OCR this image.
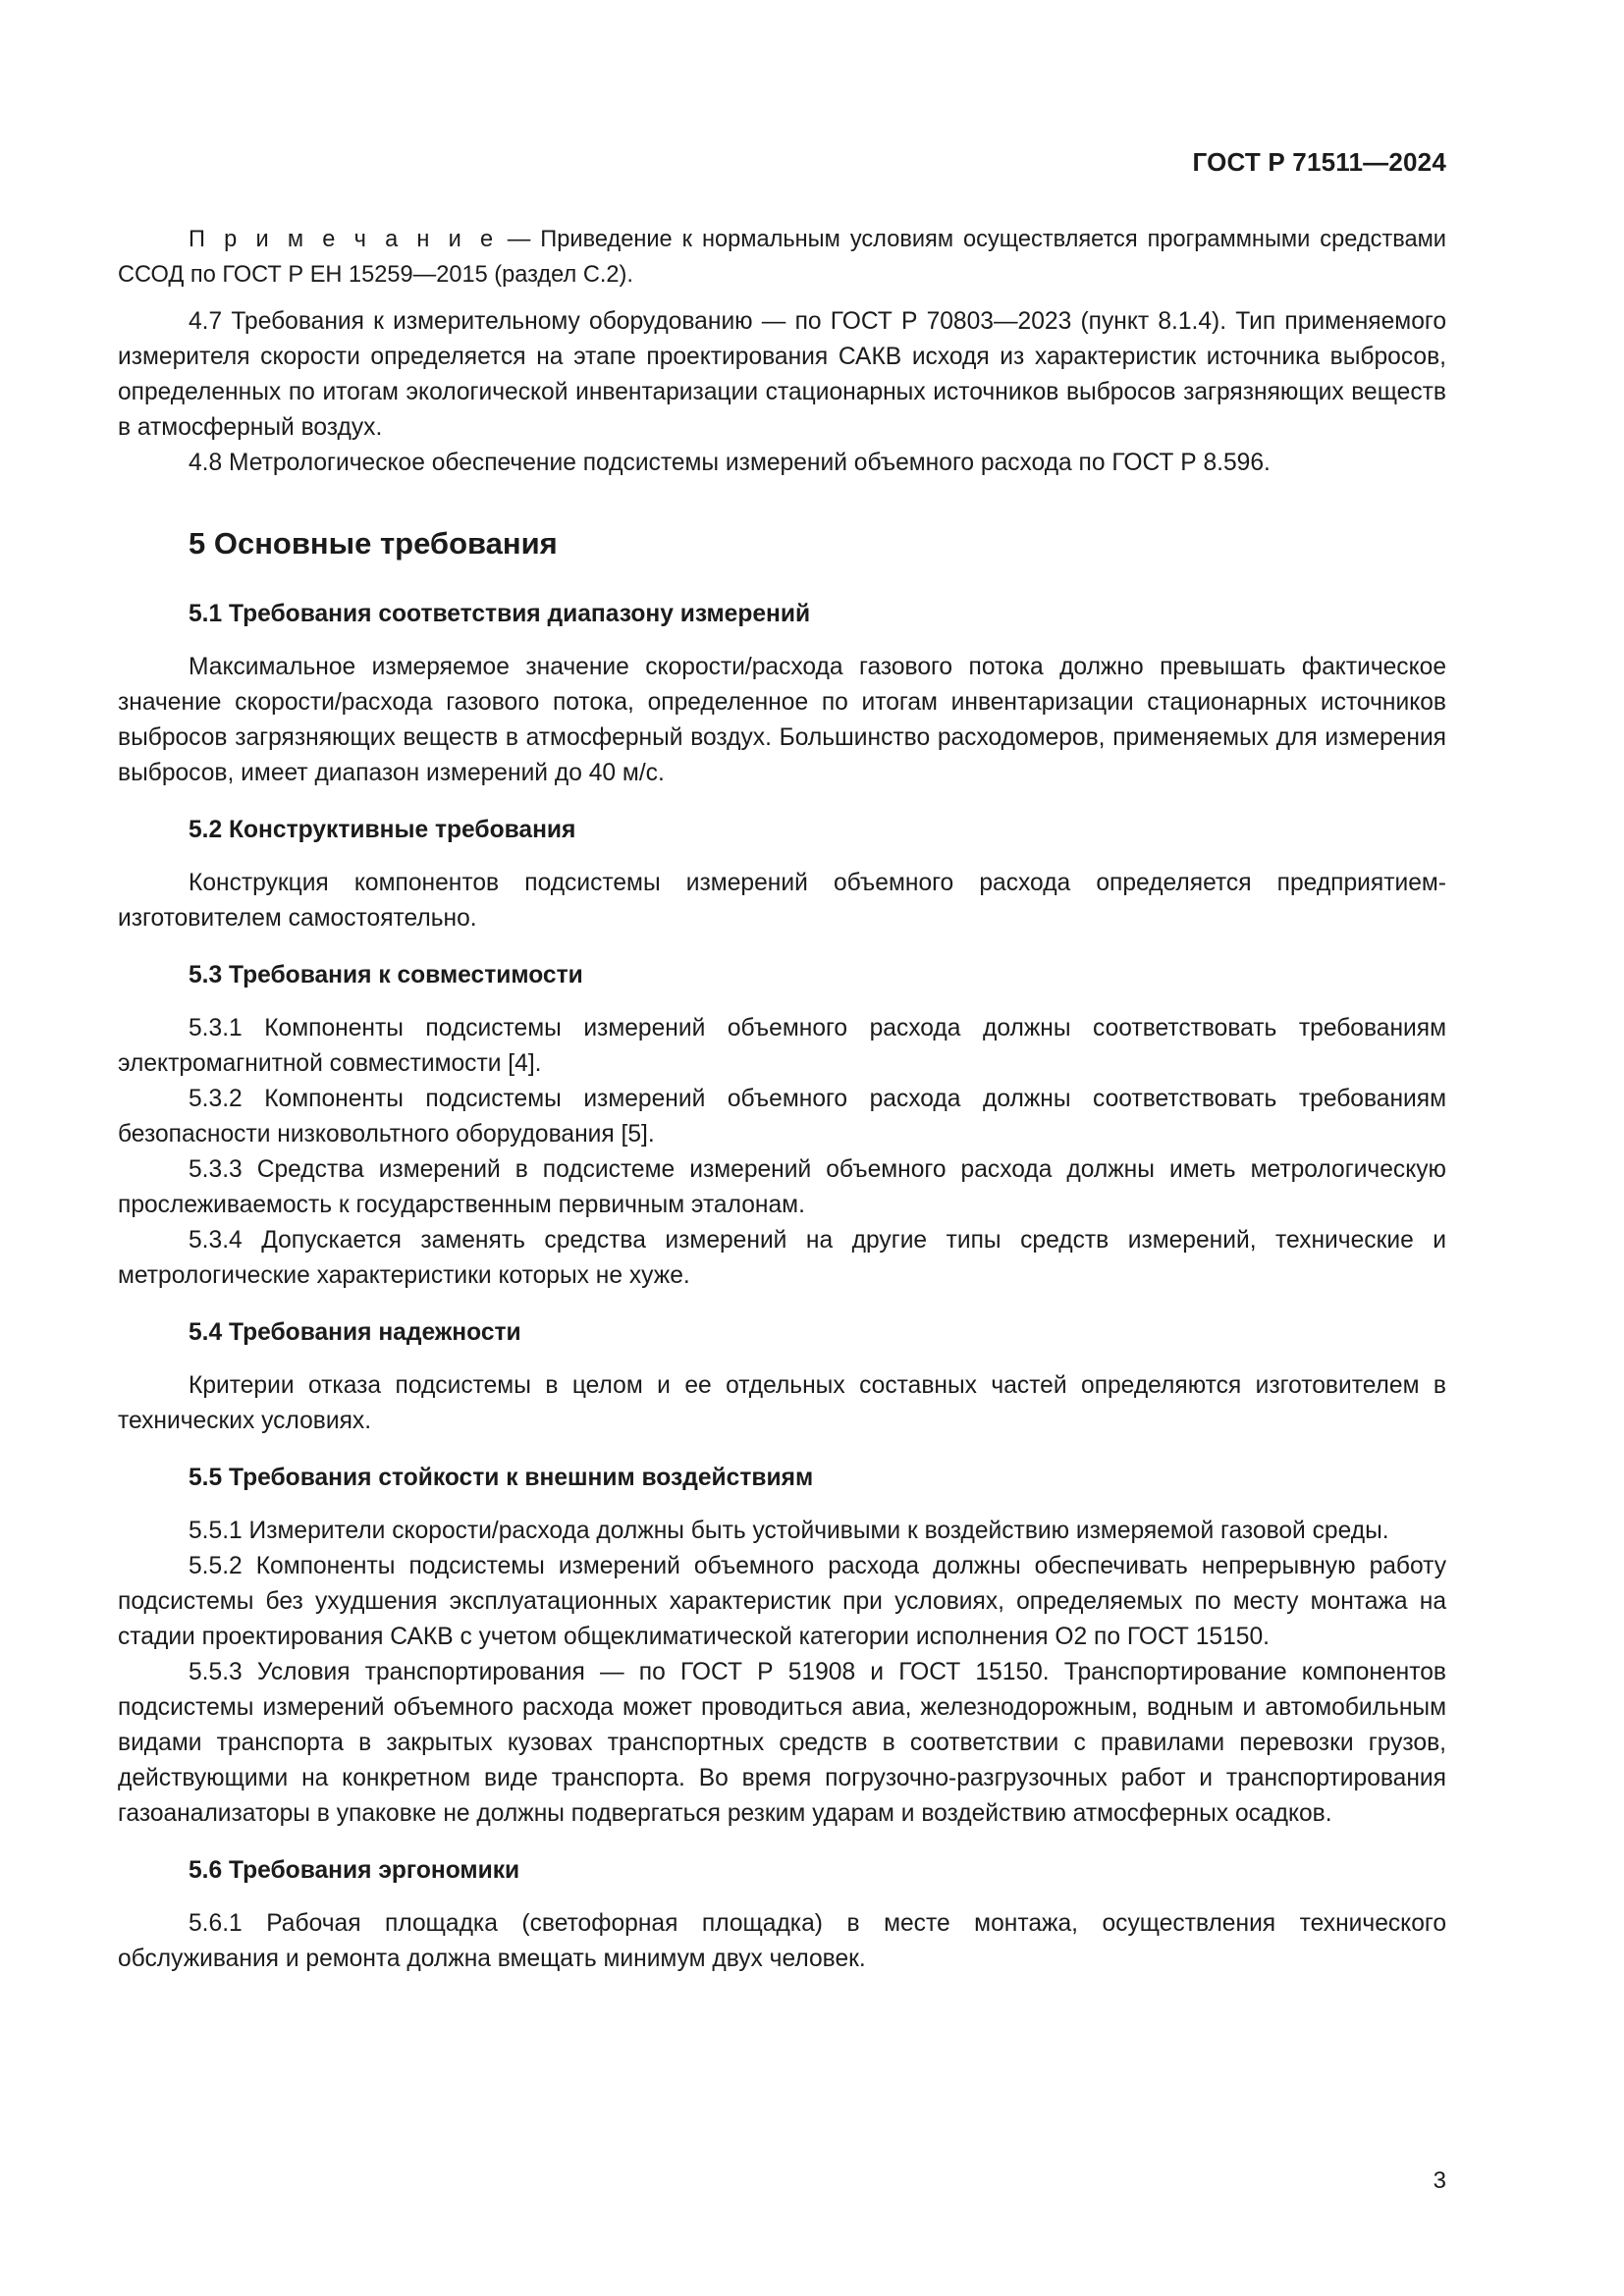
ГОСТ Р 71511—2024

П р и м е ч а н и е — Приведение к нормальным условиям осуществляется программными средствами ССОД по ГОСТ Р ЕН 15259—2015 (раздел С.2).

4.7 Требования к измерительному оборудованию — по ГОСТ Р 70803—2023 (пункт 8.1.4). Тип применяемого измерителя скорости определяется на этапе проектирования САКВ исходя из характеристик источника выбросов, определенных по итогам экологической инвентаризации стационарных источников выбросов загрязняющих веществ в атмосферный воздух.

4.8 Метрологическое обеспечение подсистемы измерений объемного расхода по ГОСТ Р 8.596.

5 Основные требования
5.1 Требования соответствия диапазону измерений

Максимальное измеряемое значение скорости/расхода газового потока должно превышать фактическое значение скорости/расхода газового потока, определенное по итогам инвентаризации стационарных источников выбросов загрязняющих веществ в атмосферный воздух. Большинство расходомеров, применяемых для измерения выбросов, имеет диапазон измерений до 40 м/с.

5.2 Конструктивные требования

Конструкция компонентов подсистемы измерений объемного расхода определяется предприятием-изготовителем самостоятельно.

5.3 Требования к совместимости

5.3.1 Компоненты подсистемы измерений объемного расхода должны соответствовать требованиям электромагнитной совместимости [4].

5.3.2 Компоненты подсистемы измерений объемного расхода должны соответствовать требованиям безопасности низковольтного оборудования [5].

5.3.3 Средства измерений в подсистеме измерений объемного расхода должны иметь метрологическую прослеживаемость к государственным первичным эталонам.

5.3.4 Допускается заменять средства измерений на другие типы средств измерений, технические и метрологические характеристики которых не хуже.

5.4 Требования надежности

Критерии отказа подсистемы в целом и ее отдельных составных частей определяются изготовителем в технических условиях.

5.5 Требования стойкости к внешним воздействиям

5.5.1 Измерители скорости/расхода должны быть устойчивыми к воздействию измеряемой газовой среды.

5.5.2 Компоненты подсистемы измерений объемного расхода должны обеспечивать непрерывную работу подсистемы без ухудшения эксплуатационных характеристик при условиях, определяемых по месту монтажа на стадии проектирования САКВ с учетом общеклиматической категории исполнения О2 по ГОСТ 15150.

5.5.3 Условия транспортирования — по ГОСТ Р 51908 и ГОСТ 15150. Транспортирование компонентов подсистемы измерений объемного расхода может проводиться авиа, железнодорожным, водным и автомобильным видами транспорта в закрытых кузовах транспортных средств в соответствии с правилами перевозки грузов, действующими на конкретном виде транспорта. Во время погрузочно-разгрузочных работ и транспортирования газоанализаторы в упаковке не должны подвергаться резким ударам и воздействию атмосферных осадков.

5.6 Требования эргономики

5.6.1 Рабочая площадка (светофорная площадка) в месте монтажа, осуществления технического обслуживания и ремонта должна вмещать минимум двух человек.

3
